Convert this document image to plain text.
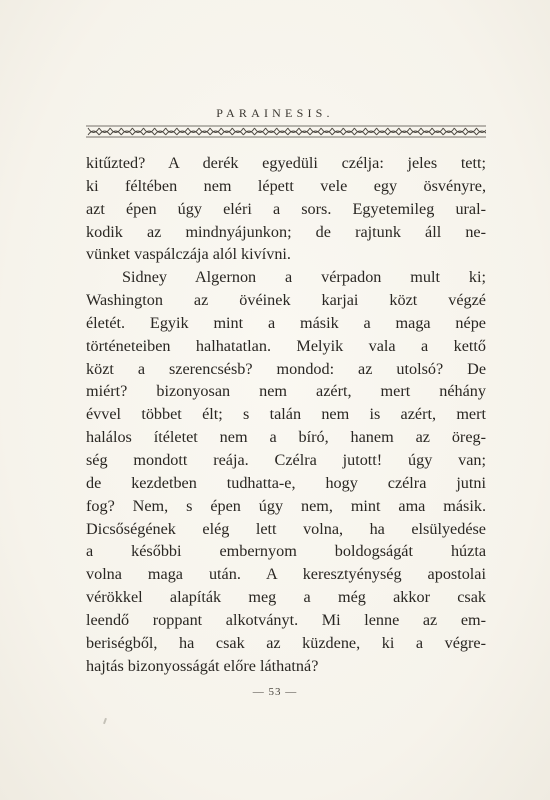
PARAINESIS.
kitűzted? A derék egyedüli czélja: jeles tett;
ki féltében nem lépett vele egy ösvényre,
azt épen úgy eléri a sors. Egyetemileg ural-
kodik az mindnyájunkon; de rajtunk áll ne-
vünket vaspálczája alól kivívni.
Sidney Algernon a vérpadon mult ki;
Washington az övéinek karjai közt végzé
életét. Egyik mint a másik a maga népe
történeteiben halhatatlan. Melyik vala a kettő
közt a szerencsésb? mondod: az utolsó? De
miért? bizonyosan nem azért, mert néhány
évvel többet élt; s talán nem is azért, mert
halálos ítéletet nem a bíró, hanem az öreg-
ség mondott reája. Czélra jutott! úgy van;
de kezdetben tudhatta-e, hogy czélra jutni
fog? Nem, s épen úgy nem, mint ama másik.
Dicsőségének elég lett volna, ha elsülyedése
a későbbi embernyom boldogságát húzta
volna maga után. A keresztyénység apostolai
vérökkel alapíták meg a még akkor csak
leendő roppant alkotványt. Mi lenne az em-
beriségből, ha csak az küzdene, ki a végre-
hajtás bizonyosságát előre láthatná?
— 53 —
